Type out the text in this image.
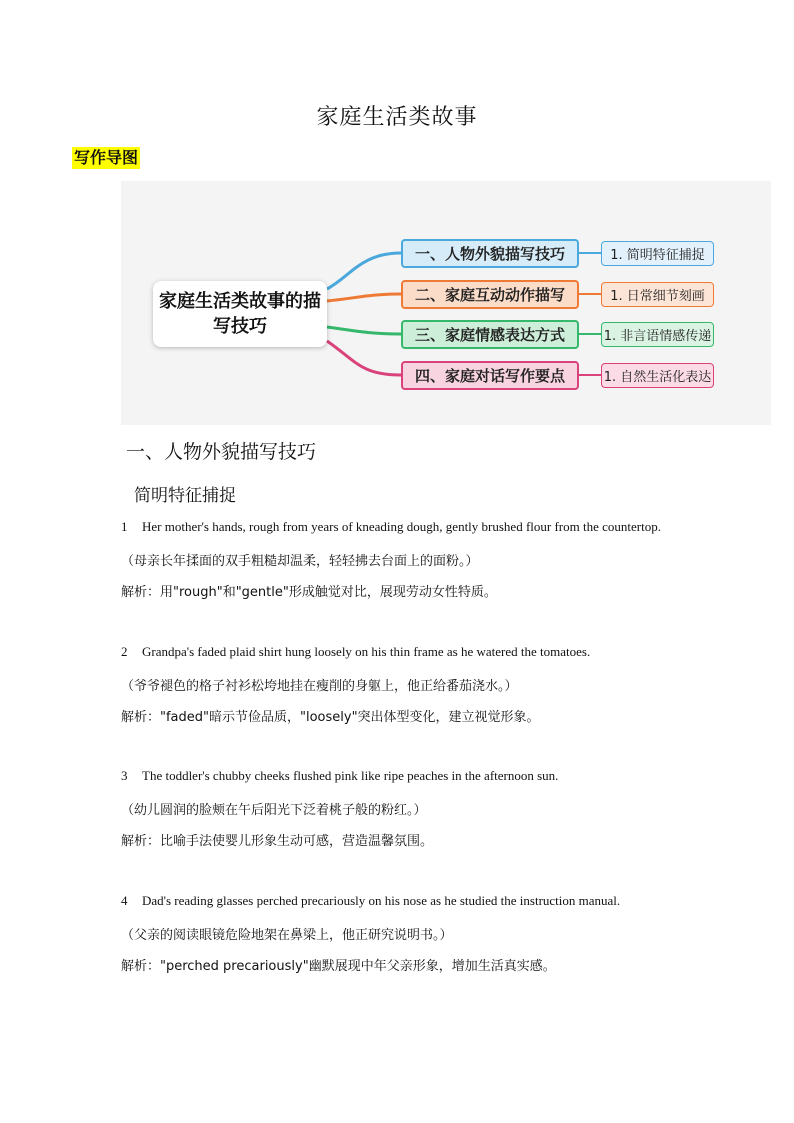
家庭生活类故事
写作导图
家庭生活类故事的描写技巧
一、人物外貌描写技巧
二、家庭互动动作描写
三、家庭情感表达方式
四、家庭对话写作要点
1. 简明特征捕捉
1. 日常细节刻画
1. 非言语情感传递
1. 自然生活化表达
一、人物外貌描写技巧
简明特征捕捉
1 Her mother's hands, rough from years of kneading dough, gently brushed flour from the countertop.
（母亲长年揉面的双手粗糙却温柔，轻轻拂去台面上的面粉。）
解析：用"rough"和"gentle"形成触觉对比，展现劳动女性特质。
2 Grandpa's faded plaid shirt hung loosely on his thin frame as he watered the tomatoes.
（爷爷褪色的格子衬衫松垮地挂在瘦削的身躯上，他正给番茄浇水。）
解析："faded"暗示节俭品质，"loosely"突出体型变化，建立视觉形象。
3 The toddler's chubby cheeks flushed pink like ripe peaches in the afternoon sun.
（幼儿圆润的脸颊在午后阳光下泛着桃子般的粉红。）
解析：比喻手法使婴儿形象生动可感，营造温馨氛围。
4 Dad's reading glasses perched precariously on his nose as he studied the instruction manual.
（父亲的阅读眼镜危险地架在鼻梁上，他正研究说明书。）
解析："perched precariously"幽默展现中年父亲形象，增加生活真实感。
